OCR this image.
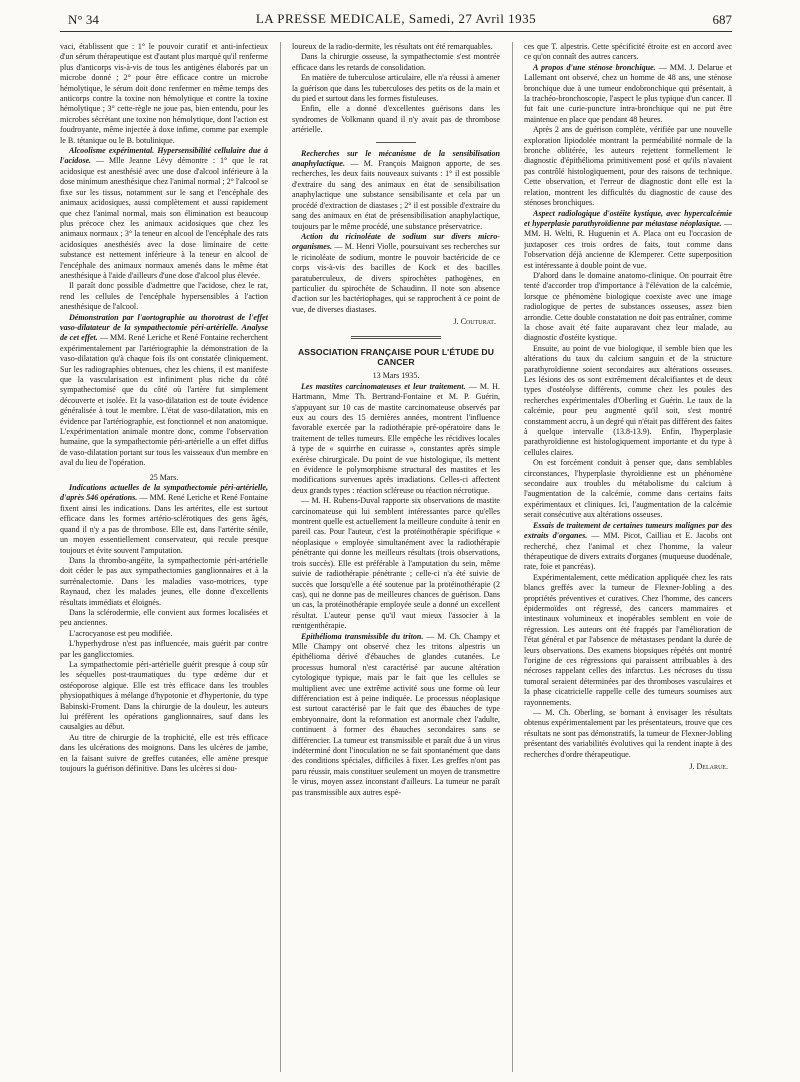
N° 34	LA PRESSE MEDICALE, Samedi, 27 Avril 1935	687

vaci, établissent que : 1° le pouvoir curatif et anti-infectieux d'un sérum thérapeutique est d'autant plus marqué qu'il renferme plus d'anticorps vis-à-vis de tous les antigènes élaborés par un microbe donné ; 2° pour être efficace contre un microbe hémolytique, le sérum doit donc renfermer en même temps des anticorps contre la toxine non hémolytique et contre la toxine hémolytique ; 3° cette-règle ne joue pas, bien entendu, pour les microbes sécrétant une toxine non hémolytique, dont l'action est foudroyante, même injectée à doxe infime, comme par exemple le B. tétanique ou le B. botulinique.

Alcoolisme expérimental. Hypersensibilité cellulaire due à l'acidose. — Mlle Jeanne Lévy démontre : 1° que le rat acidosique est anesthésié avec une dose d'alcool inférieure à la dose minimum anesthésique chez l'animal normal ; 2° l'alcool se fixe sur les tissus, notamment sur le sang et l'encéphale des animaux acidosiques, aussi complètement et aussi rapidement que chez l'animal normal, mais son élimination est beaucoup plus précoce chez les animaux acidosiques que chez les animaux normaux ; 3° la teneur en alcool de l'encéphale des rats acidosiques anesthésiés avec la dose liminaire de cette substance est nettement inférieure à la teneur en alcool de l'encéphale des animaux normaux amenés dans le même état anesthésique à l'aide d'ailleurs d'une dose d'alcool plus élevée.

Il paraît donc possible d'admettre que l'acidose, chez le rat, rend les cellules de l'encéphale hypersensibles à l'action anesthésique de l'alcool.

Démonstration par l'aortographie au thorotrast de l'effet vaso-dilatateur de la sympathectomie péri-artérielle. Analyse de cet effet. — MM. René Leriche et René Fontaine recherchent expérimentalement par l'artériographie la démonstration de la vaso-dilatation qu'à chaque fois ils ont constatée cliniquement. Sur les radiographies obtenues, chez les chiens, il est manifeste que la vascularisation est infiniment plus riche du côté sympathectomisé que du côté où l'artère fut simplement découverte et isolée. Et la vaso-dilatation est de toute évidence généralisée à tout le membre. L'état de vaso-dilatation, mis en évidence par l'artériographie, est fonctionnel et non anatomique. L'expérimentation animale montre donc, comme l'observation humaine, que la sympathectomie péri-artérielle a un effet diffus de vaso-dilatation portant sur tous les vaisseaux d'un membre en aval du lieu de l'opération.

25 Mars.

Indications actuelles de la sympathectomie péri-artérielle, d'après 546 opérations. — MM. René Leriche et René Fontaine fixent ainsi les indications. Dans les artérites, elle est surtout efficace dans les formes artério-sclérotiques des gens âgés, quand il n'y a pas de thrombose. Elle est, dans l'artérite sénile, un moyen essentiellement conservateur, qui recule presque toujours et évite souvent l'amputation.

Dans la thrombo-angéite, la sympathectomie péri-artérielle doit céder le pas aux sympathectomies ganglionnaires et à la surrénalectomie. Dans les maladies vaso-motrices, type Raynaud, chez les malades jeunes, elle donne d'excellents résultats immédiats et éloignés.

Dans la sclérodermie, elle convient aux formes localisées et peu anciennes.

L'acrocyanose est peu modifiée.

L'hyperhydrose n'est pas influencée, mais guérit par contre par les ganglicctomies.

La sympathectomie péri-artérielle guérit presque à coup sûr les séquelles post-traumatiques du type œdème dur et ostéoporose algique. Elle est très efficace dans les troubles physiopathiques à mélange d'hypotonie et d'hypertonie, du type Babinski-Froment. Dans la chirurgie de la douleur, les auteurs lui préfèrent les opérations ganglionnaires, sauf dans les causalgies au début.

Au titre de chirurgie de la trophicité, elle est très efficace dans les ulcérations des moignons. Dans les ulcères de jambe, en la faisant suivre de greffes cutanées, elle amène presque toujours la guérison définitive. Dans les ulcères si dou-

loureux de la radio-dermite, les résultats ont été remarquables.

Dans la chirurgie osseuse, la sympathectomie s'est montrée efficace dans les retards de consolidation.

En matière de tuberculose articulaire, elle n'a réussi à amener la guérison que dans les tuberculoses des petits os de la main et du pied et surtout dans les formes fistuleuses.

Enfin, elle a donné d'excellentes guérisons dans les syndromes de Volkmann quand il n'y avait pas de thrombose artérielle.

Recherches sur le mécanisme de la sensibilisation anaphylactique. — M. François Maignon apporte, de ses recherches, les deux faits nouveaux suivants : 1° il est possible d'extraire du sang des animaux en état de sensibilisation anaphylactique une substance sensibilisante et cela par un procédé d'extraction de diastases ; 2° il est possible d'extraire du sang des animaux en état de présensibilisation anaphylactique, toujours par le même procédé, une substance préservatrice.

Action du ricinoléate de sodium sur divers micro-organismes. — M. Henri Violle, poursuivant ses recherches sur le ricinoléate de sodium, montre le pouvoir bactéricide de ce corps vis-à-vis des bacilles de Kock et des bacilles paratuberculeux, de divers spirochètes pathogènes, en particulier du spirochète de Schaudinn. Il note son absence d'action sur les bactériophages, qui se rapprochent à ce point de vue, de diverses diastases.

J. Couturat.

ASSOCIATION FRANÇAISE POUR L'ÉTUDE DU CANCER

13 Mars 1935.

Les mastites carcinomateuses et leur traitement. — M. H. Hartmann, Mme Th. Bertrand-Fontaine et M. P. Guérin, s'appuyant sur 10 cas de mastite carcinomateuse observés par eux au cours des 15 dernières années, montrent l'influence favorable exercée par la radiothérapie pré-opératoire dans le traitement de telles tumeurs. Elle empêche les récidives locales à type de « squirrhe en cuirasse », constantes après simple exérèse chirurgicale. Du point de vue histologique, ils mettent en évidence le polymorphisme structural des mastites et les modifications survenues après irradiations. Celles-ci affectent deux grands types : réaction scléreuse ou réaction nécrotique.

— M. H. Rubens-Duval rapporte six observations de mastite carcinomateuse qui lui semblent intéressantes parce qu'elles montrent quelle est actuellement la meilleure conduite à tenir en pareil cas. Pour l'auteur, c'est la protéinothérapie spécifique « néoplasique » employée simultanément avec la radiothérapie pénétrante qui donne les meilleurs résultats (trois observations, trois succès). Elle est préférable à l'amputation du sein, même suivie de radiothérapie pénétrante ; celle-ci n'a été suivie de succès que lorsqu'elle a été soutenue par la protéinothérapie (2 cas), qui ne donne pas de meilleures chances de guérison. Dans un cas, la protéinothérapie employée seule a donné un excellent résultat. L'auteur pense qu'il vaut mieux l'associer à la rœntgenthérapie.

Epithélioma transmissible du triton. — M. Ch. Champy et Mlle Champy ont observé chez les tritons alpestris un épithélioma dérivé d'ébauches de glandes cutanées. Le processus humoral n'est caractérisé par aucune altération cytologique typique, mais par le fait que les cellules se multiplient avec une extrême activité sous une forme où leur différenciation est à peine indiquée. Le processus néoplasique est surtout caractérisé par le fait que des ébauches de type embryonnaire, dont la reformation est anormale chez l'adulte, continuent à former des ébauches secondaires sans se différencier. La tumeur est transmissible et paraît due à un virus indéterminé dont l'inoculation ne se fait spontanément que dans des conditions spéciales, difficiles à fixer. Les greffes n'ont pas paru réussir, mais constituer seulement un moyen de transmettre le virus, moyen assez inconstant d'ailleurs. La tumeur ne paraît pas transmissible aux autres espè-

ces que T. alpestris. Cette spécificité étroite est en accord avec ce qu'on connaît des autres cancers.

A propos d'une sténose bronchique. — MM. J. Delarue et Lallemant ont observé, chez un homme de 48 ans, une sténose bronchique due à une tumeur endobronchique qui présentait, à la trachéo-bronchoscopie, l'aspect le plus typique d'un cancer. Il fut fait une curie-puncture intra-bronchique qui ne put être maintenue en place que pendant 48 heures.

Après 2 ans de guérison complète, vérifiée par une nouvelle exploration lipiodolée montrant la perméabilité normale de la bronche oblitérée, les auteurs rejettent formellement le diagnostic d'épithélioma primitivement posé et qu'ils n'avaient pas contrôlé histologiquement, pour des raisons de technique. Cette observation, et l'erreur de diagnostic dont elle est la relation, montrent les difficultés du diagnostic de cause des sténoses bronchiques.

Aspect radiologique d'ostéite kystique, avec hypercalcémie et hyperplasie parathyroïdienne par métastase néoplasique. — MM. H. Welti, R. Huguenin et A. Placa ont eu l'occasion de juxtaposer ces trois ordres de faits, tout comme dans l'observation déjà ancienne de Klemperer. Cette superposition est intéressante à double point de vue.

D'abord dans le domaine anatomo-clinique. On pourrait être tenté d'accorder trop d'importance à l'élévation de la calcémie, lorsque ce phénomène biologique coexiste avec une image radiologique de pertes de substances osseuses, assez bien arrondie. Cette double constatation ne doit pas entraîner, comme la chose avait été faite auparavant chez leur malade, au diagnostic d'ostéite kystique.

Ensuite, au point de vue biologique, il semble bien que les altérations du taux du calcium sanguin et de la structure parathyroïdienne soient secondaires aux altérations osseuses. Les lésions des os sont extrêmement décalcifiantes et de deux types d'ostéolyse différents, comme chez les poules des recherches expérimentales d'Oberling et Guérin. Le taux de la calcémie, pour peu augmenté qu'il soit, s'est montré constamment accru, à un degré qui n'était pas différent des faites à quelque intervalle (13.8-13.9). Enfin, l'hyperplasie parathyroïdienne est histologiquement importante et du type à cellules claires.

On est forcément conduit à penser que, dans semblables circonstances, l'hyperplasie thyroïdienne est un phénomène secondaire aux troubles du métabolisme du calcium à l'augmentation de la calcémie, comme dans certains faits expérimentaux et cliniques. Ici, l'augmentation de la calcémie serait consécutive aux altérations osseuses.

Essais de traitement de certaines tumeurs malignes par des extraits d'organes. — MM. Picot, Cailliau et E. Jacobs ont recherché, chez l'animal et chez l'homme, la valeur thérapeutique de divers extraits d'organes (muqueuse duodénale, rate, foie et pancréas).

Expérimentalement, cette médication appliquée chez les rats blancs greffés avec la tumeur de Flexner-Jobling a des propriétés préventives et curatives. Chez l'homme, des cancers épidermoïdes ont régressé, des cancers mammaires et intestinaux volumineux et inopérables semblent en voie de régression. Les auteurs ont été frappés par l'amélioration de l'état général et par l'absence de métastases pendant la durée de leurs observations. Des examens biopsiques répétés ont montré l'origine de ces régressions qui paraissent attribuables à des nécroses rappelant celles des infarctus. Les nécroses du tissu tumoral seraient déterminées par des thromboses vasculaires et la phase cicatricielle rappelle celle des tumeurs soumises aux rayonnements.

— M. Ch. Oberling, se bornant à envisager les résultats obtenus expérimentalement par les présentateurs, trouve que ces résultats ne sont pas démonstratifs, la tumeur de Flexner-Jobling présentant des variabilités évolutives qui la rendent inapte à des recherches d'ordre thérapeutique.

J. Delarue.
